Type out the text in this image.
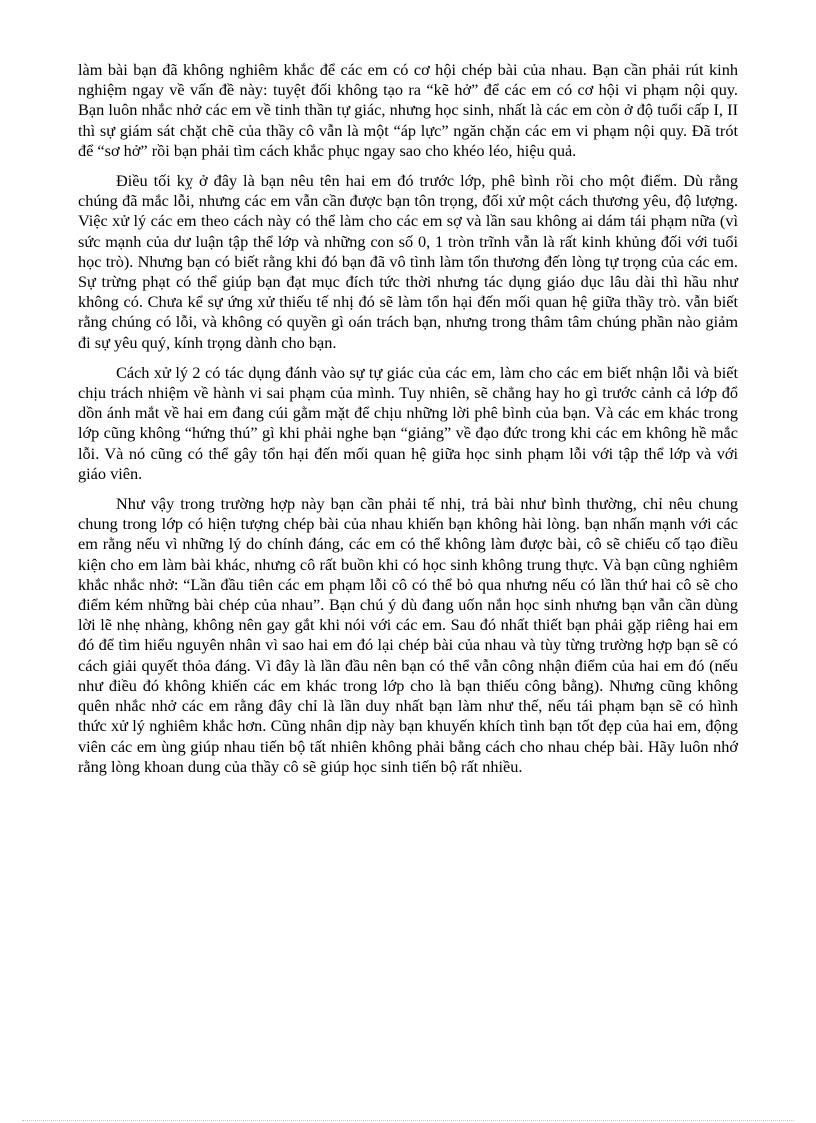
làm bài bạn đã không nghiêm khắc để các em có cơ hội chép bài của nhau. Bạn cần phải rút kinh nghiệm ngay về vấn đề này: tuyệt đối không tạo ra “kẽ hở” để các em có cơ hội vi phạm nội quy. Bạn luôn nhắc nhở các em về tinh thần tự giác, nhưng học sinh, nhất là các em còn ở độ tuổi cấp I, II thì sự giám sát chặt chẽ của thầy cô vẫn là một “áp lực” ngăn chặn các em vi phạm nội quy. Đã trót để “sơ hở” rồi bạn phải tìm cách khắc phục ngay sao cho khéo léo, hiệu quả.

Điều tối kỵ ở đây là bạn nêu tên hai em đó trước lớp, phê bình rồi cho một điểm. Dù rằng chúng đã mắc lỗi, nhưng các em vẫn cần được bạn tôn trọng, đối xử một cách thương yêu, độ lượng. Việc xử lý các em theo cách này có thể làm cho các em sợ và lần sau không ai dám tái phạm nữa (vì sức mạnh của dư luận tập thể lớp và những con số 0, 1 tròn trĩnh vẫn là rất kinh khủng đối với tuổi học trò). Nhưng bạn có biết rằng khi đó bạn đã vô tình làm tổn thương đến lòng tự trọng của các em. Sự trừng phạt có thể giúp bạn đạt mục đích tức thời nhưng tác dụng giáo dục lâu dài thì hầu như không có. Chưa kể sự ứng xử thiếu tế nhị đó sẽ làm tổn hại đến mối quan hệ giữa thầy trò. vẫn biết rằng chúng có lỗi, và không có quyền gì oán trách bạn, nhưng trong thâm tâm chúng phần nào giảm đi sự yêu quý, kính trọng dành cho bạn.

Cách xử lý 2 có tác dụng đánh vào sự tự giác của các em, làm cho các em biết nhận lỗi và biết chịu trách nhiệm về hành vi sai phạm của mình. Tuy nhiên, sẽ chẳng hay ho gì trước cảnh cả lớp đổ dồn ánh mắt về hai em đang cúi gằm mặt để chịu những lời phê bình của bạn. Và các em khác trong lớp cũng không “hứng thú” gì khi phải nghe bạn “giảng” về đạo đức trong khi các em không hề mắc lỗi. Và nó cũng có thể gây tổn hại đến mối quan hệ giữa học sinh phạm lỗi với tập thể lớp và với giáo viên.

Như vậy trong trường hợp này bạn cần phải tế nhị, trả bài như bình thường, chỉ nêu chung chung trong lớp có hiện tượng chép bài của nhau khiến bạn không hài lòng. bạn nhấn mạnh với các em rằng nếu vì những lý do chính đáng, các em có thể không làm được bài, cô sẽ chiếu cố tạo điều kiện cho em làm bài khác, nhưng cô rất buồn khi có học sinh không trung thực. Và bạn cũng nghiêm khắc nhắc nhở: “Lần đầu tiên các em phạm lỗi cô có thể bỏ qua nhưng nếu có lần thứ hai cô sẽ cho điểm kém những bài chép của nhau”. Bạn chú ý dù đang uốn nắn học sinh nhưng bạn vẫn cần dùng lời lẽ nhẹ nhàng, không nên gay gắt khi nói với các em. Sau đó nhất thiết bạn phải gặp riêng hai em đó để tìm hiểu nguyên nhân vì sao hai em đó lại chép bài của nhau và tùy từng trường hợp bạn sẽ có cách giải quyết thỏa đáng. Vì đây là lần đầu nên bạn có thể vẫn công nhận điểm của hai em đó (nếu như điều đó không khiến các em khác trong lớp cho là bạn thiếu công bằng). Nhưng cũng không quên nhắc nhở các em rằng đây chỉ là lần duy nhất bạn làm như thế, nếu tái phạm bạn sẽ có hình thức xử lý nghiêm khắc hơn. Cũng nhân dịp này bạn khuyến khích tình bạn tốt đẹp của hai em, động viên các em ùng giúp nhau tiến bộ tất nhiên không phải bằng cách cho nhau chép bài. Hãy luôn nhớ rằng lòng khoan dung của thầy cô sẽ giúp học sinh tiến bộ rất nhiều.
